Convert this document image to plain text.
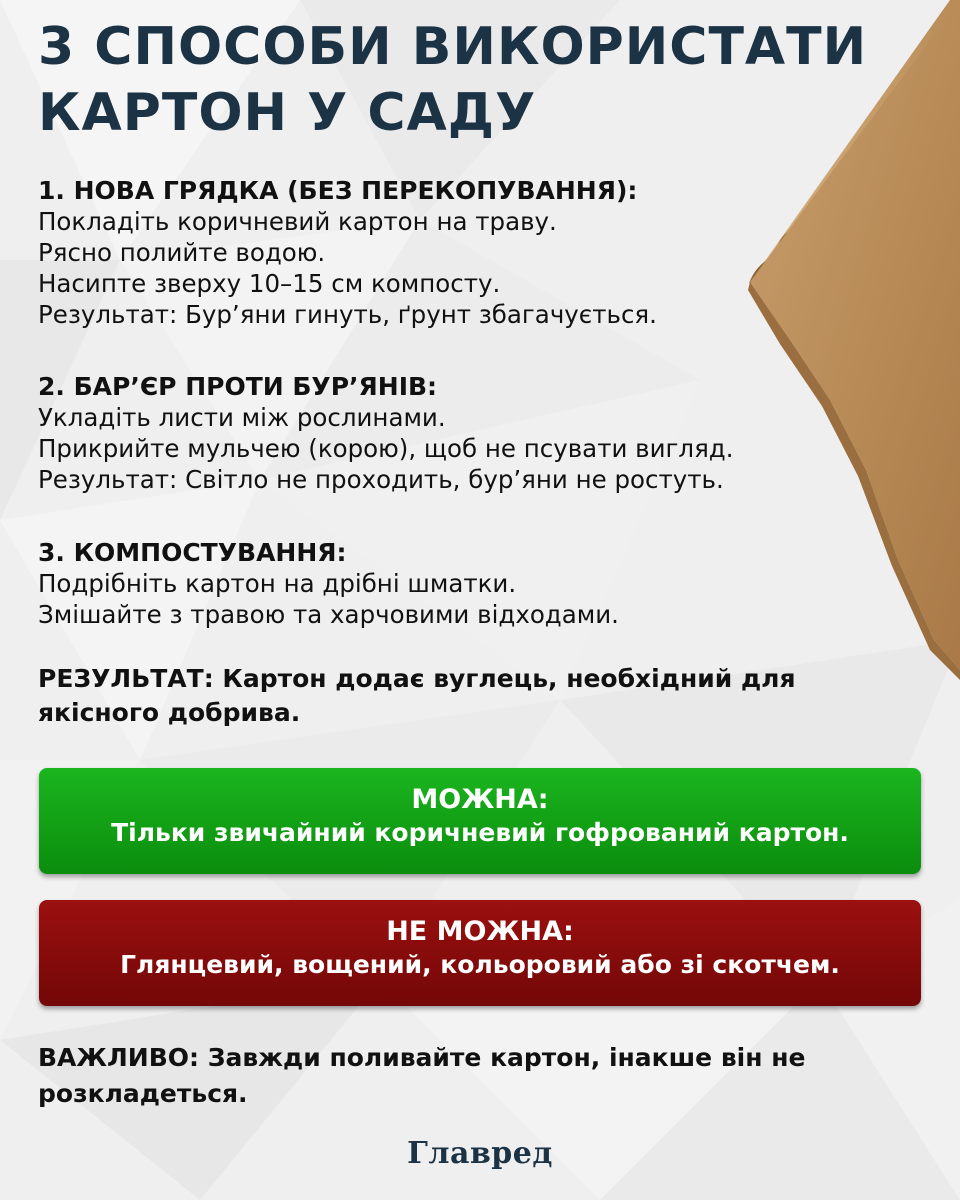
3 СПОСОБИ ВИКОРИСТАТИ
КАРТОН У САДУ
1. НОВА ГРЯДКА (БЕЗ ПЕРЕКОПУВАННЯ):
Покладіть коричневий картон на траву.
Рясно полийте водою.
Насипте зверху 10–15 см компосту.
Результат: Бур’яни гинуть, ґрунт збагачується.
2. БАР’ЄР ПРОТИ БУР’ЯНІВ:
Укладіть листи між рослинами.
Прикрийте мульчею (корою), щоб не псувати вигляд.
Результат: Світло не проходить, бур’яни не ростуть.
3. КОМПОСТУВАННЯ:
Подрібніть картон на дрібні шматки.
Змішайте з травою та харчовими відходами.
РЕЗУЛЬТАТ: Картон додає вуглець, необхідний для якісного добрива.
МОЖНА:
Тільки звичайний коричневий гофрований картон.
НЕ МОЖНА:
Глянцевий, вощений, кольоровий або зі скотчем.
ВАЖЛИВО: Завжди поливайте картон, інакше він не розкладеться.
Главред
